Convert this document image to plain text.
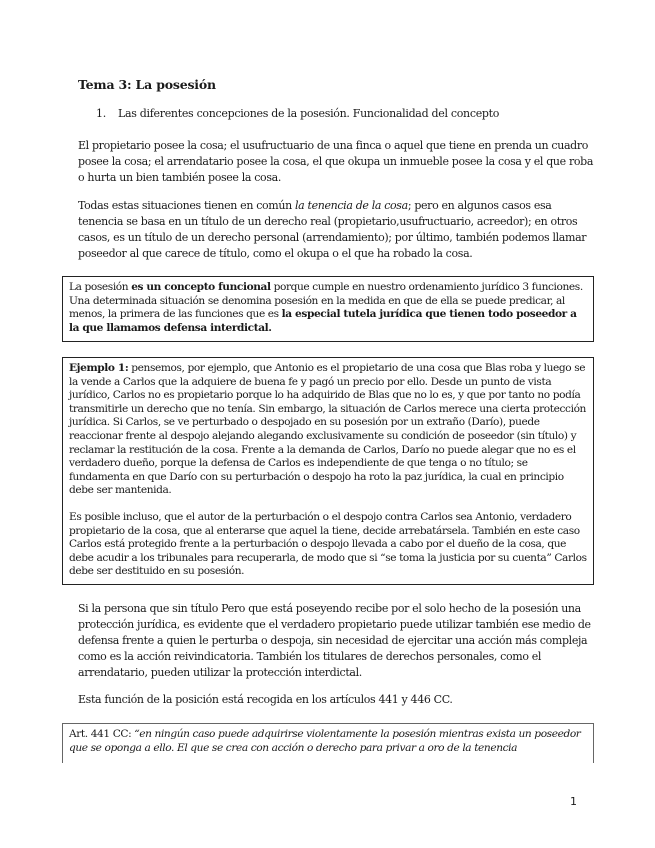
Tema 3: La posesión
1. Las diferentes concepciones de la posesión. Funcionalidad del concepto

El propietario posee la cosa; el usufructuario de una finca o aquel que tiene en prenda un cuadro posee la cosa; el arrendatario posee la cosa, el que okupa un inmueble posee la cosa y el que roba o hurta un bien también posee la cosa.

Todas estas situaciones tienen en común la tenencia de la cosa; pero en algunos casos esa tenencia se basa en un título de un derecho real (propietario,usufructuario, acreedor); en otros casos, es un título de un derecho personal (arrendamiento); por último, también podemos llamar poseedor al que carece de título, como el okupa o el que ha robado la cosa.

La posesión es un concepto funcional porque cumple en nuestro ordenamiento jurídico 3 funciones. Una determinada situación se denomina posesión en la medida en que de ella se puede predicar, al menos, la primera de las funciones que es la especial tutela jurídica que tienen todo poseedor a la que llamamos defensa interdictal.

Ejemplo 1: pensemos, por ejemplo, que Antonio es el propietario de una cosa que Blas roba y luego se la vende a Carlos que la adquiere de buena fe y pagó un precio por ello. Desde un punto de vista jurídico, Carlos no es propietario porque lo ha adquirido de Blas que no lo es, y que por tanto no podía transmitirle un derecho que no tenía. Sin embargo, la situación de Carlos merece una cierta protección jurídica. Si Carlos, se ve perturbado o despojado en su posesión por un extraño (Darío), puede reaccionar frente al despojo alejando alegando exclusivamente su condición de poseedor (sin título) y reclamar la restitución de la cosa. Frente a la demanda de Carlos, Darío no puede alegar que no es el verdadero dueño, porque la defensa de Carlos es independiente de que tenga o no título; se fundamenta en que Darío con su perturbación o despojo ha roto la paz jurídica, la cual en principio debe ser mantenida.

Es posible incluso, que el autor de la perturbación o el despojo contra Carlos sea Antonio, verdadero propietario de la cosa, que al enterarse que aquel la tiene, decide arrebatársela. También en este caso Carlos está protegido frente a la perturbación o despojo llevada a cabo por el dueño de la cosa, que debe acudir a los tribunales para recuperarla, de modo que si “se toma la justicia por su cuenta” Carlos debe ser destituido en su posesión.

Si la persona que sin título Pero que está poseyendo recibe por el solo hecho de la posesión una protección jurídica, es evidente que el verdadero propietario puede utilizar también ese medio de defensa frente a quien le perturba o despoja, sin necesidad de ejercitar una acción más compleja como es la acción reivindicatoria. También los titulares de derechos personales, como el arrendatario, pueden utilizar la protección interdictal.

Esta función de la posición está recogida en los artículos 441 y 446 CC.

Art. 441 CC: “en ningún caso puede adquirirse violentamente la posesión mientras exista un poseedor que se oponga a ello. El que se crea con acción o derecho para privar a oro de la tenencia

1
